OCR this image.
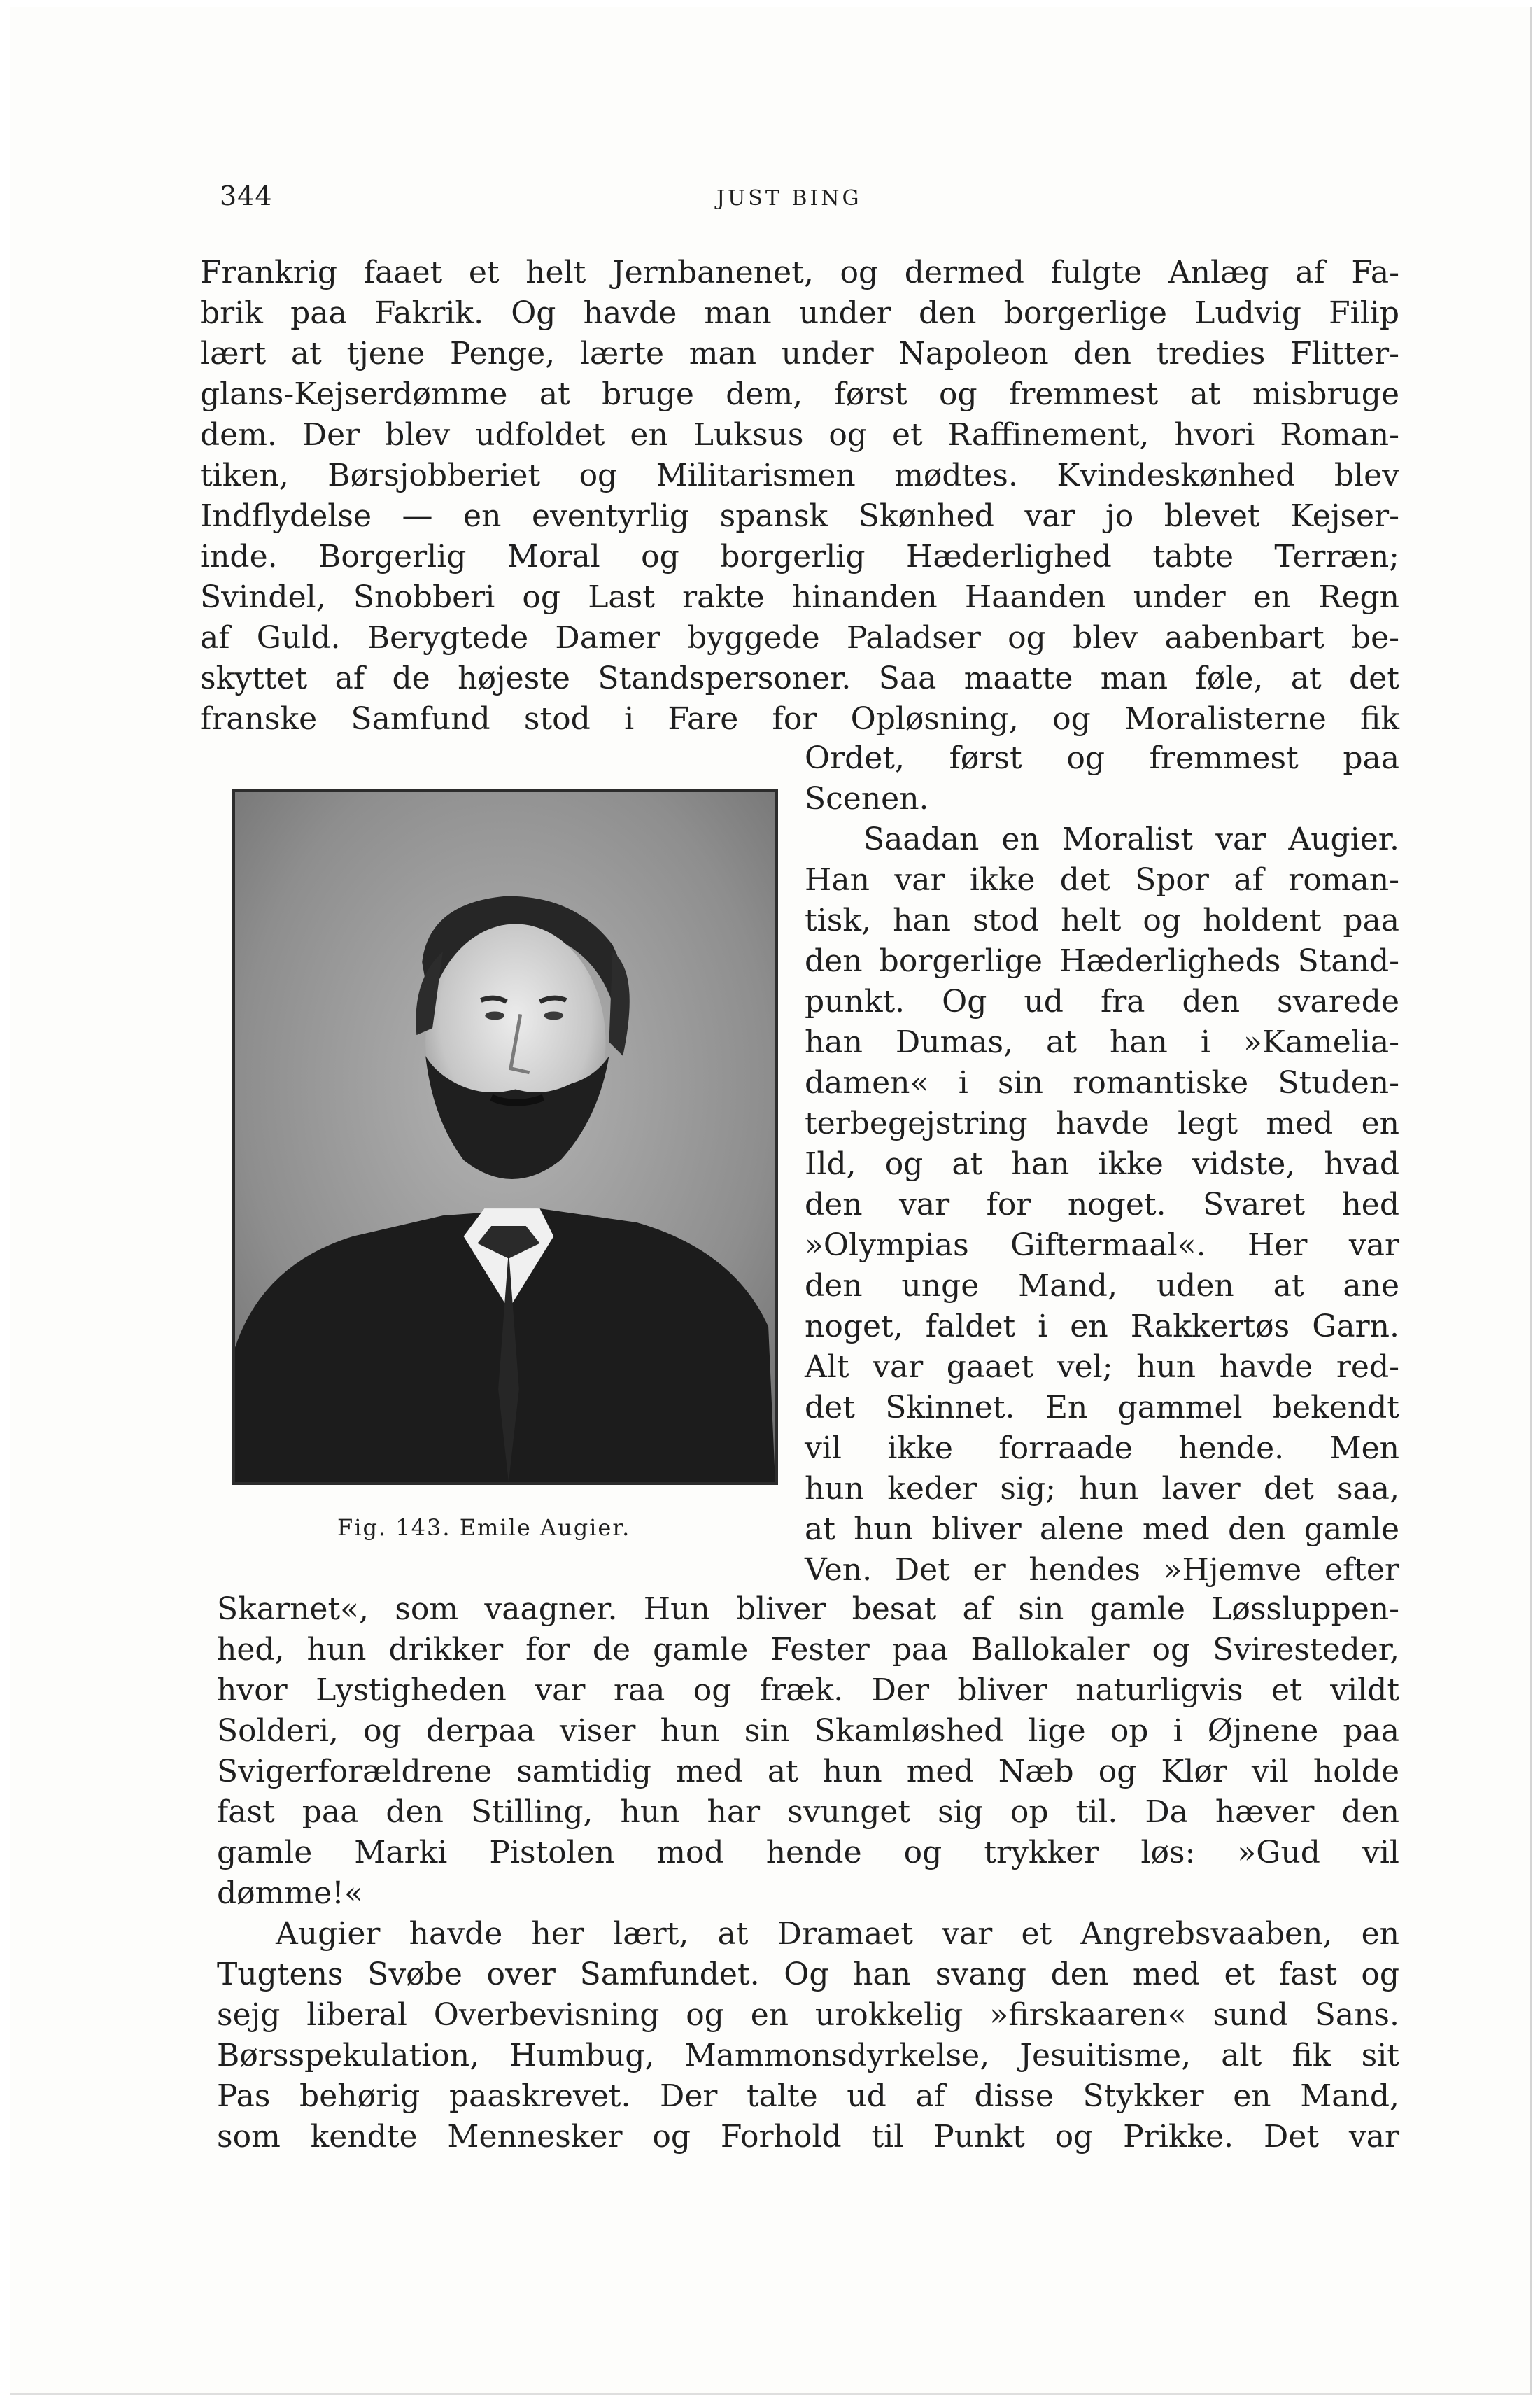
344	JUST BING

Frankrig faaet et helt Jernbanenet, og dermed fulgte Anlæg af Fa-

brik paa Fakrik. Og havde man under den borgerlige Ludvig Filip

lært at tjene Penge, lærte man under Napoleon den tredies Flitter-

glans-Kejserdømme at bruge dem, først og fremmest at misbruge

dem. Der blev udfoldet en Luksus og et Raffinement, hvori Roman-

tiken, Børsjobberiet og Militarismen mødtes. Kvindeskønhed blev

Indflydelse — en eventyrlig spansk Skønhed var jo blevet Kejser-

inde. Borgerlig Moral og borgerlig Hæderlighed tabte Terræn;

Svindel, Snobberi og Last rakte hinanden Haanden under en Regn

af Guld. Berygtede Damer byggede Paladser og blev aabenbart be-

skyttet af de højeste Standspersoner. Saa maatte man føle, at det

franske Samfund stod i Fare for Opløsning, og Moralisterne fik

Fig. 143. Emile Augier.

Ordet, først og fremmest paa

Scenen.

Saadan en Moralist var Augier.

Han var ikke det Spor af roman-

tisk, han stod helt og holdent paa

den borgerlige Hæderligheds Stand-

punkt. Og ud fra den svarede

han Dumas, at han i »Kamelia-

damen« i sin romantiske Studen-

terbegejstring havde legt med en

Ild, og at han ikke vidste, hvad

den var for noget. Svaret hed

»Olympias Giftermaal«. Her var

den unge Mand, uden at ane

noget, faldet i en Rakkertøs Garn.

Alt var gaaet vel; hun havde red-

det Skinnet. En gammel bekendt

vil ikke forraade hende. Men

hun keder sig; hun laver det saa,

at hun bliver alene med den gamle

Ven. Det er hendes »Hjemve efter

Skarnet«, som vaagner. Hun bliver besat af sin gamle Løssluppen-

hed, hun drikker for de gamle Fester paa Ballokaler og Sviresteder,

hvor Lystigheden var raa og fræk. Der bliver naturligvis et vildt

Solderi, og derpaa viser hun sin Skamløshed lige op i Øjnene paa

Svigerforældrene samtidig med at hun med Næb og Klør vil holde

fast paa den Stilling, hun har svunget sig op til. Da hæver den

gamle Marki Pistolen mod hende og trykker løs: »Gud vil

dømme!«

Augier havde her lært, at Dramaet var et Angrebsvaaben, en

Tugtens Svøbe over Samfundet. Og han svang den med et fast og

sejg liberal Overbevisning og en urokkelig »firskaaren« sund Sans.

Børsspekulation, Humbug, Mammonsdyrkelse, Jesuitisme, alt fik sit

Pas behørig paaskrevet. Der talte ud af disse Stykker en Mand,

som kendte Mennesker og Forhold til Punkt og Prikke. Det var
